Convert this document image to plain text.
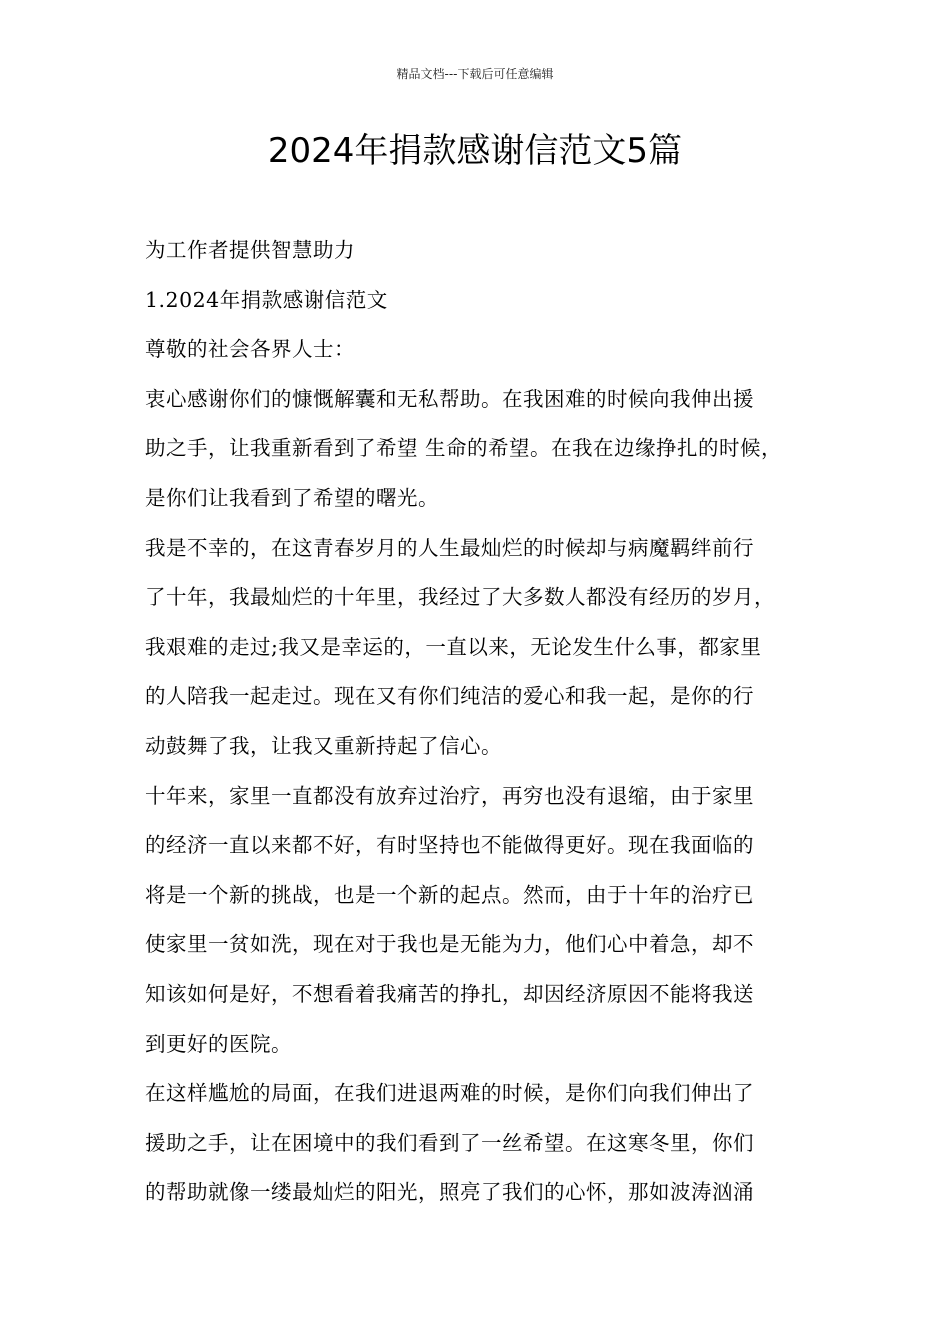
精品文档---下载后可任意编辑
2024年捐款感谢信范文5篇

为工作者提供智慧助力

1.2024年捐款感谢信范文

尊敬的社会各界人士：

衷心感谢你们的慷慨解囊和无私帮助。在我困难的时候向我伸出援

助之手，让我重新看到了希望 生命的希望。在我在边缘挣扎的时候，

是你们让我看到了希望的曙光。

我是不幸的，在这青春岁月的人生最灿烂的时候却与病魔羁绊前行

了十年，我最灿烂的十年里，我经过了大多数人都没有经历的岁月，

我艰难的走过;我又是幸运的，一直以来，无论发生什么事，都家里

的人陪我一起走过。现在又有你们纯洁的爱心和我一起，是你的行

动鼓舞了我，让我又重新持起了信心。

十年来，家里一直都没有放弃过治疗，再穷也没有退缩，由于家里

的经济一直以来都不好，有时坚持也不能做得更好。现在我面临的

将是一个新的挑战，也是一个新的起点。然而，由于十年的治疗已

使家里一贫如洗，现在对于我也是无能为力，他们心中着急，却不

知该如何是好，不想看着我痛苦的挣扎，却因经济原因不能将我送

到更好的医院。

在这样尴尬的局面，在我们进退两难的时候，是你们向我们伸出了

援助之手，让在困境中的我们看到了一丝希望。在这寒冬里，你们

的帮助就像一缕最灿烂的阳光，照亮了我们的心怀，那如波涛汹涌
